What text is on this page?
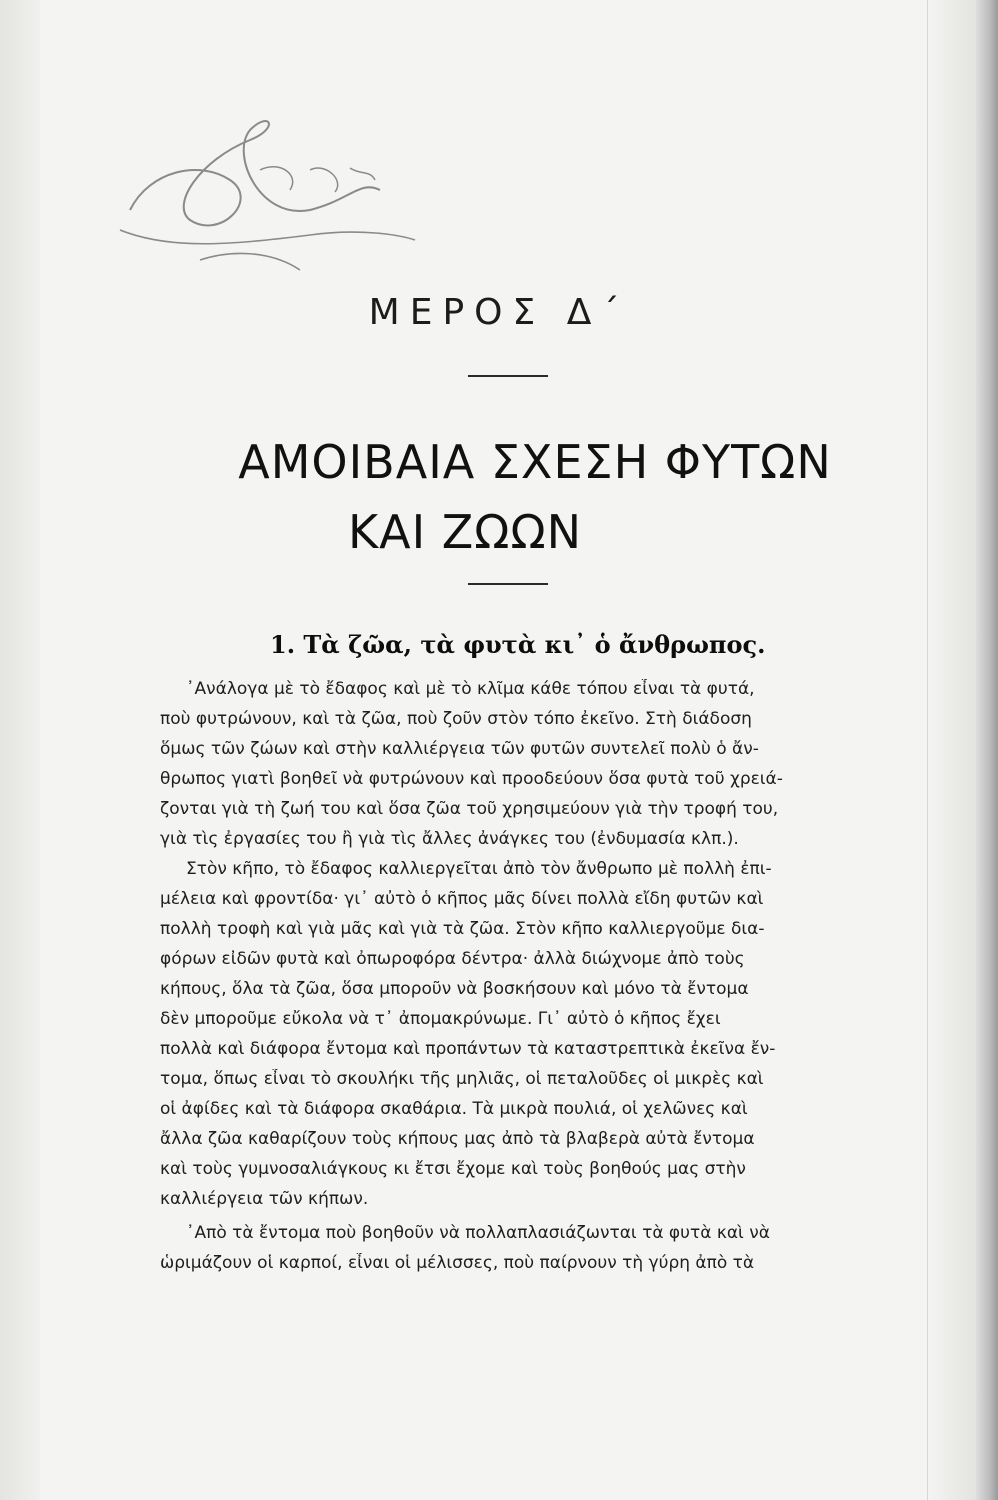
ΜΕΡΟΣ Δ΄
ΑΜΟΙΒΑΙΑ ΣΧΕΣΗ ΦΥΤΩΝ
ΚΑΙ ΖΩΩΝ
1. Τὰ ζῶα, τὰ φυτὰ κι᾽ ὁ ἄνθρωπος.
᾽Ανάλογα μὲ τὸ ἔδαφος καὶ μὲ τὸ κλῖμα κάθε τόπου εἶναι τὰ φυτά,
ποὺ φυτρώνουν, καὶ τὰ ζῶα, ποὺ ζοῦν στὸν τόπο ἐκεῖνο. Στὴ διάδοση
ὅμως τῶν ζώων καὶ στὴν καλλιέργεια τῶν φυτῶν συντελεῖ πολὺ ὁ ἄν-
θρωπος γιατὶ βοηθεῖ νὰ φυτρώνουν καὶ προοδεύουν ὅσα φυτὰ τοῦ χρειά-
ζονται γιὰ τὴ ζωή του καὶ ὅσα ζῶα τοῦ χρησιμεύουν γιὰ τὴν τροφή του,
γιὰ τὶς ἐργασίες του ἢ γιὰ τὶς ἄλλες ἀνάγκες του (ἐνδυμασία κλπ.).
Στὸν κῆπο, τὸ ἔδαφος καλλιεργεῖται ἀπὸ τὸν ἄνθρωπο μὲ πολλὴ ἐπι-
μέλεια καὶ φροντίδα· γι᾽ αὐτὸ ὁ κῆπος μᾶς δίνει πολλὰ εἴδη φυτῶν καὶ
πολλὴ τροφὴ καὶ γιὰ μᾶς καὶ γιὰ τὰ ζῶα. Στὸν κῆπο καλλιεργοῦμε δια-
φόρων εἰδῶν φυτὰ καὶ ὀπωροφόρα δέντρα· ἀλλὰ διώχνομε ἀπὸ τοὺς
κήπους, ὅλα τὰ ζῶα, ὅσα μποροῦν νὰ βοσκήσουν καὶ μόνο τὰ ἔντομα
δὲν μποροῦμε εὔκολα νὰ τ᾽ ἀπομακρύνωμε. Γι᾽ αὐτὸ ὁ κῆπος ἔχει
πολλὰ καὶ διάφορα ἔντομα καὶ προπάντων τὰ καταστρεπτικὰ ἐκεῖνα ἔν-
τομα, ὅπως εἶναι τὸ σκουλήκι τῆς μηλιᾶς, οἱ πεταλοῦδες οἱ μικρὲς καὶ
οἱ ἀφίδες καὶ τὰ διάφορα σκαθάρια. Τὰ μικρὰ πουλιά, οἱ χελῶνες καὶ
ἄλλα ζῶα καθαρίζουν τοὺς κήπους μας ἀπὸ τὰ βλαβερὰ αὐτὰ ἔντομα
καὶ τοὺς γυμνοσαλιάγκους κι ἔτσι ἔχομε καὶ τοὺς βοηθούς μας στὴν
καλλιέργεια τῶν κήπων.
᾽Απὸ τὰ ἔντομα ποὺ βοηθοῦν νὰ πολλαπλασιάζωνται τὰ φυτὰ καὶ νὰ
ὡριμάζουν οἱ καρποί, εἶναι οἱ μέλισσες, ποὺ παίρνουν τὴ γύρη ἀπὸ τὰ
